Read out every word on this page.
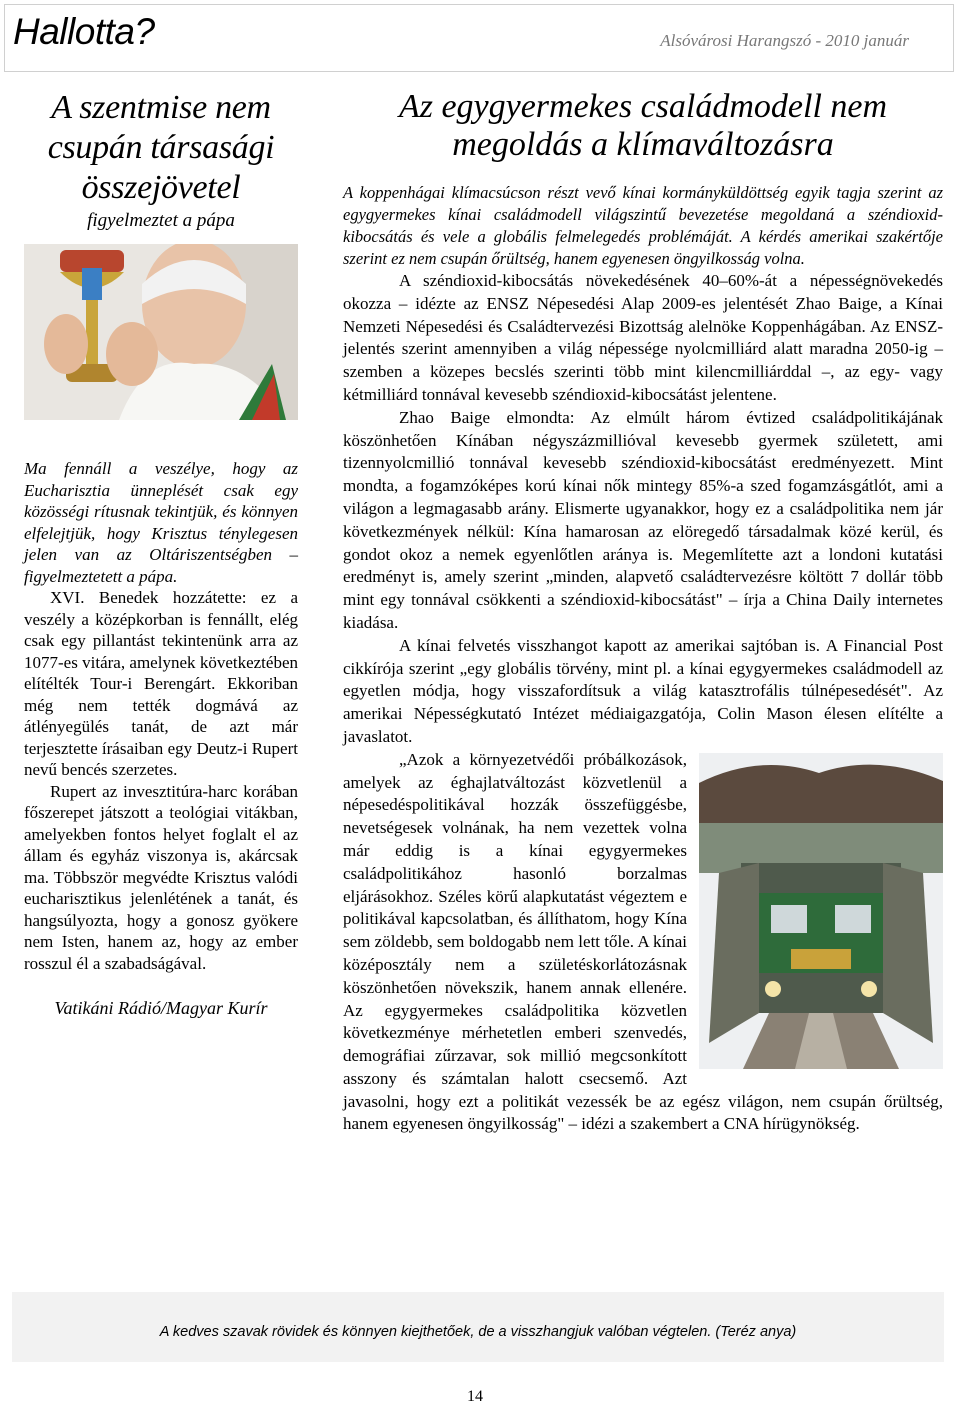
Hallotta?	Alsóvárosi Harangszó - 2010 január
A szentmise nem csupán társasági összejövetel
figyelmeztet a pápa

Ma fennáll a veszélye, hogy az Eucharisztia ünneplését csak egy közösségi rítusnak tekintjük, és könnyen elfelejtjük, hogy Krisztus ténylegesen jelen van az Oltáriszentségben – figyelmeztetett a pápa.

XVI. Benedek hozzátette: ez a veszély a középkorban is fennállt, elég csak egy pillantást tekintenünk arra az 1077-es vitára, amelynek következtében elítélték Tour-i Berengárt. Ekkoriban még nem tették dogmává az átlényegülés tanát, de azt már terjesztette írásaiban egy Deutz-i Rupert nevű bencés szerzetes.

Rupert az invesztitúra-harc korában főszerepet játszott a teológiai vitákban, amelyekben fontos helyet foglalt el az állam és egyház viszonya is, akárcsak ma. Többször megvédte Krisztus valódi eucharisztikus jelenlétének a tanát, és hangsúlyozta, hogy a gonosz gyökere nem Isten, hanem az, hogy az ember rosszul él a szabadságával.

Vatikáni Rádió/Magyar Kurír

Az egygyermekes családmodell nem megoldás a klímaváltozásra

A koppenhágai klímacsúcson részt vevő kínai kormányküldöttség egyik tagja szerint az egygyermekes kínai családmodell világszintű bevezetése megoldaná a széndioxid-kibocsátás és vele a globális felmelegedés problémáját. A kérdés amerikai szakértője szerint ez nem csupán őrültség, hanem egyenesen öngyilkosság volna.

A széndioxid-kibocsátás növekedésének 40–60%-át a népességnövekedés okozza – idézte az ENSZ Népesedési Alap 2009-es jelentését Zhao Baige, a Kínai Nemzeti Népesedési és Családtervezési Bizottság alelnöke Koppenhágában. Az ENSZ- jelentés szerint amennyiben a világ népessége nyolcmilliárd alatt maradna 2050-ig – szemben a közepes becslés szerinti több mint kilencmilliárddal –, az egy- vagy kétmilliárd tonnával kevesebb széndioxid-kibocsátást jelentene.

Zhao Baige elmondta: Az elmúlt három évtized családpolitikájának köszönhetően Kínában négyszázmillióval kevesebb gyermek született, ami tizennyolcmillió tonnával kevesebb széndioxid-kibocsátást eredményezett. Mint mondta, a fogamzóképes korú kínai nők mintegy 85%-a szed fogamzásgátlót, ami a világon a legmagasabb arány. Elismerte ugyanakkor, hogy ez a családpolitika nem jár következmények nélkül: Kína hamarosan az elöregedő társadalmak közé kerül, és gondot okoz a nemek egyenlőtlen aránya is. Megemlítette azt a londoni kutatási eredményt is, amely szerint „minden, alapvető családtervezésre költött 7 dollár több mint egy tonnával csökkenti a széndioxid-kibocsátást" – írja a China Daily internetes kiadása.

A kínai felvetés visszhangot kapott az amerikai sajtóban is. A Financial Post cikkírója szerint „egy globális törvény, mint pl. a kínai egygyermekes családmodell az egyetlen módja, hogy visszafordítsuk a világ katasztrofális túlnépesedését". Az amerikai Népességkutató Intézet médiaigazgatója, Colin Mason élesen elítélte a javaslatot.

„Azok a környezetvédői próbálkozások, amelyek az éghajlatváltozást közvetlenül a népesedéspolitikával hozzák összefüggésbe, nevetségesek volnának, ha nem vezettek volna már eddig is a kínai egygyermekes családpolitikához hasonló borzalmas eljárásokhoz. Széles körű alapkutatást végeztem e politikával kapcsolatban, és állíthatom, hogy Kína sem zöldebb, sem boldogabb nem lett tőle. A kínai középosztály nem a születéskorlátozásnak köszönhetően növekszik, hanem annak ellenére. Az egygyermekes családpolitika közvetlen következménye mérhetetlen emberi szenvedés, demográfiai zűrzavar, sok millió megcsonkított asszony és számtalan halott csecsemő. Azt javasolni, hogy ezt a politikát vezessék be az egész világon, nem csupán őrültség, hanem egyenesen öngyilkosság" – idézi a szakembert a CNA hírügynökség.

A kedves szavak rövidek és könnyen kiejthetőek, de a visszhangjuk valóban végtelen. (Teréz anya)
14
